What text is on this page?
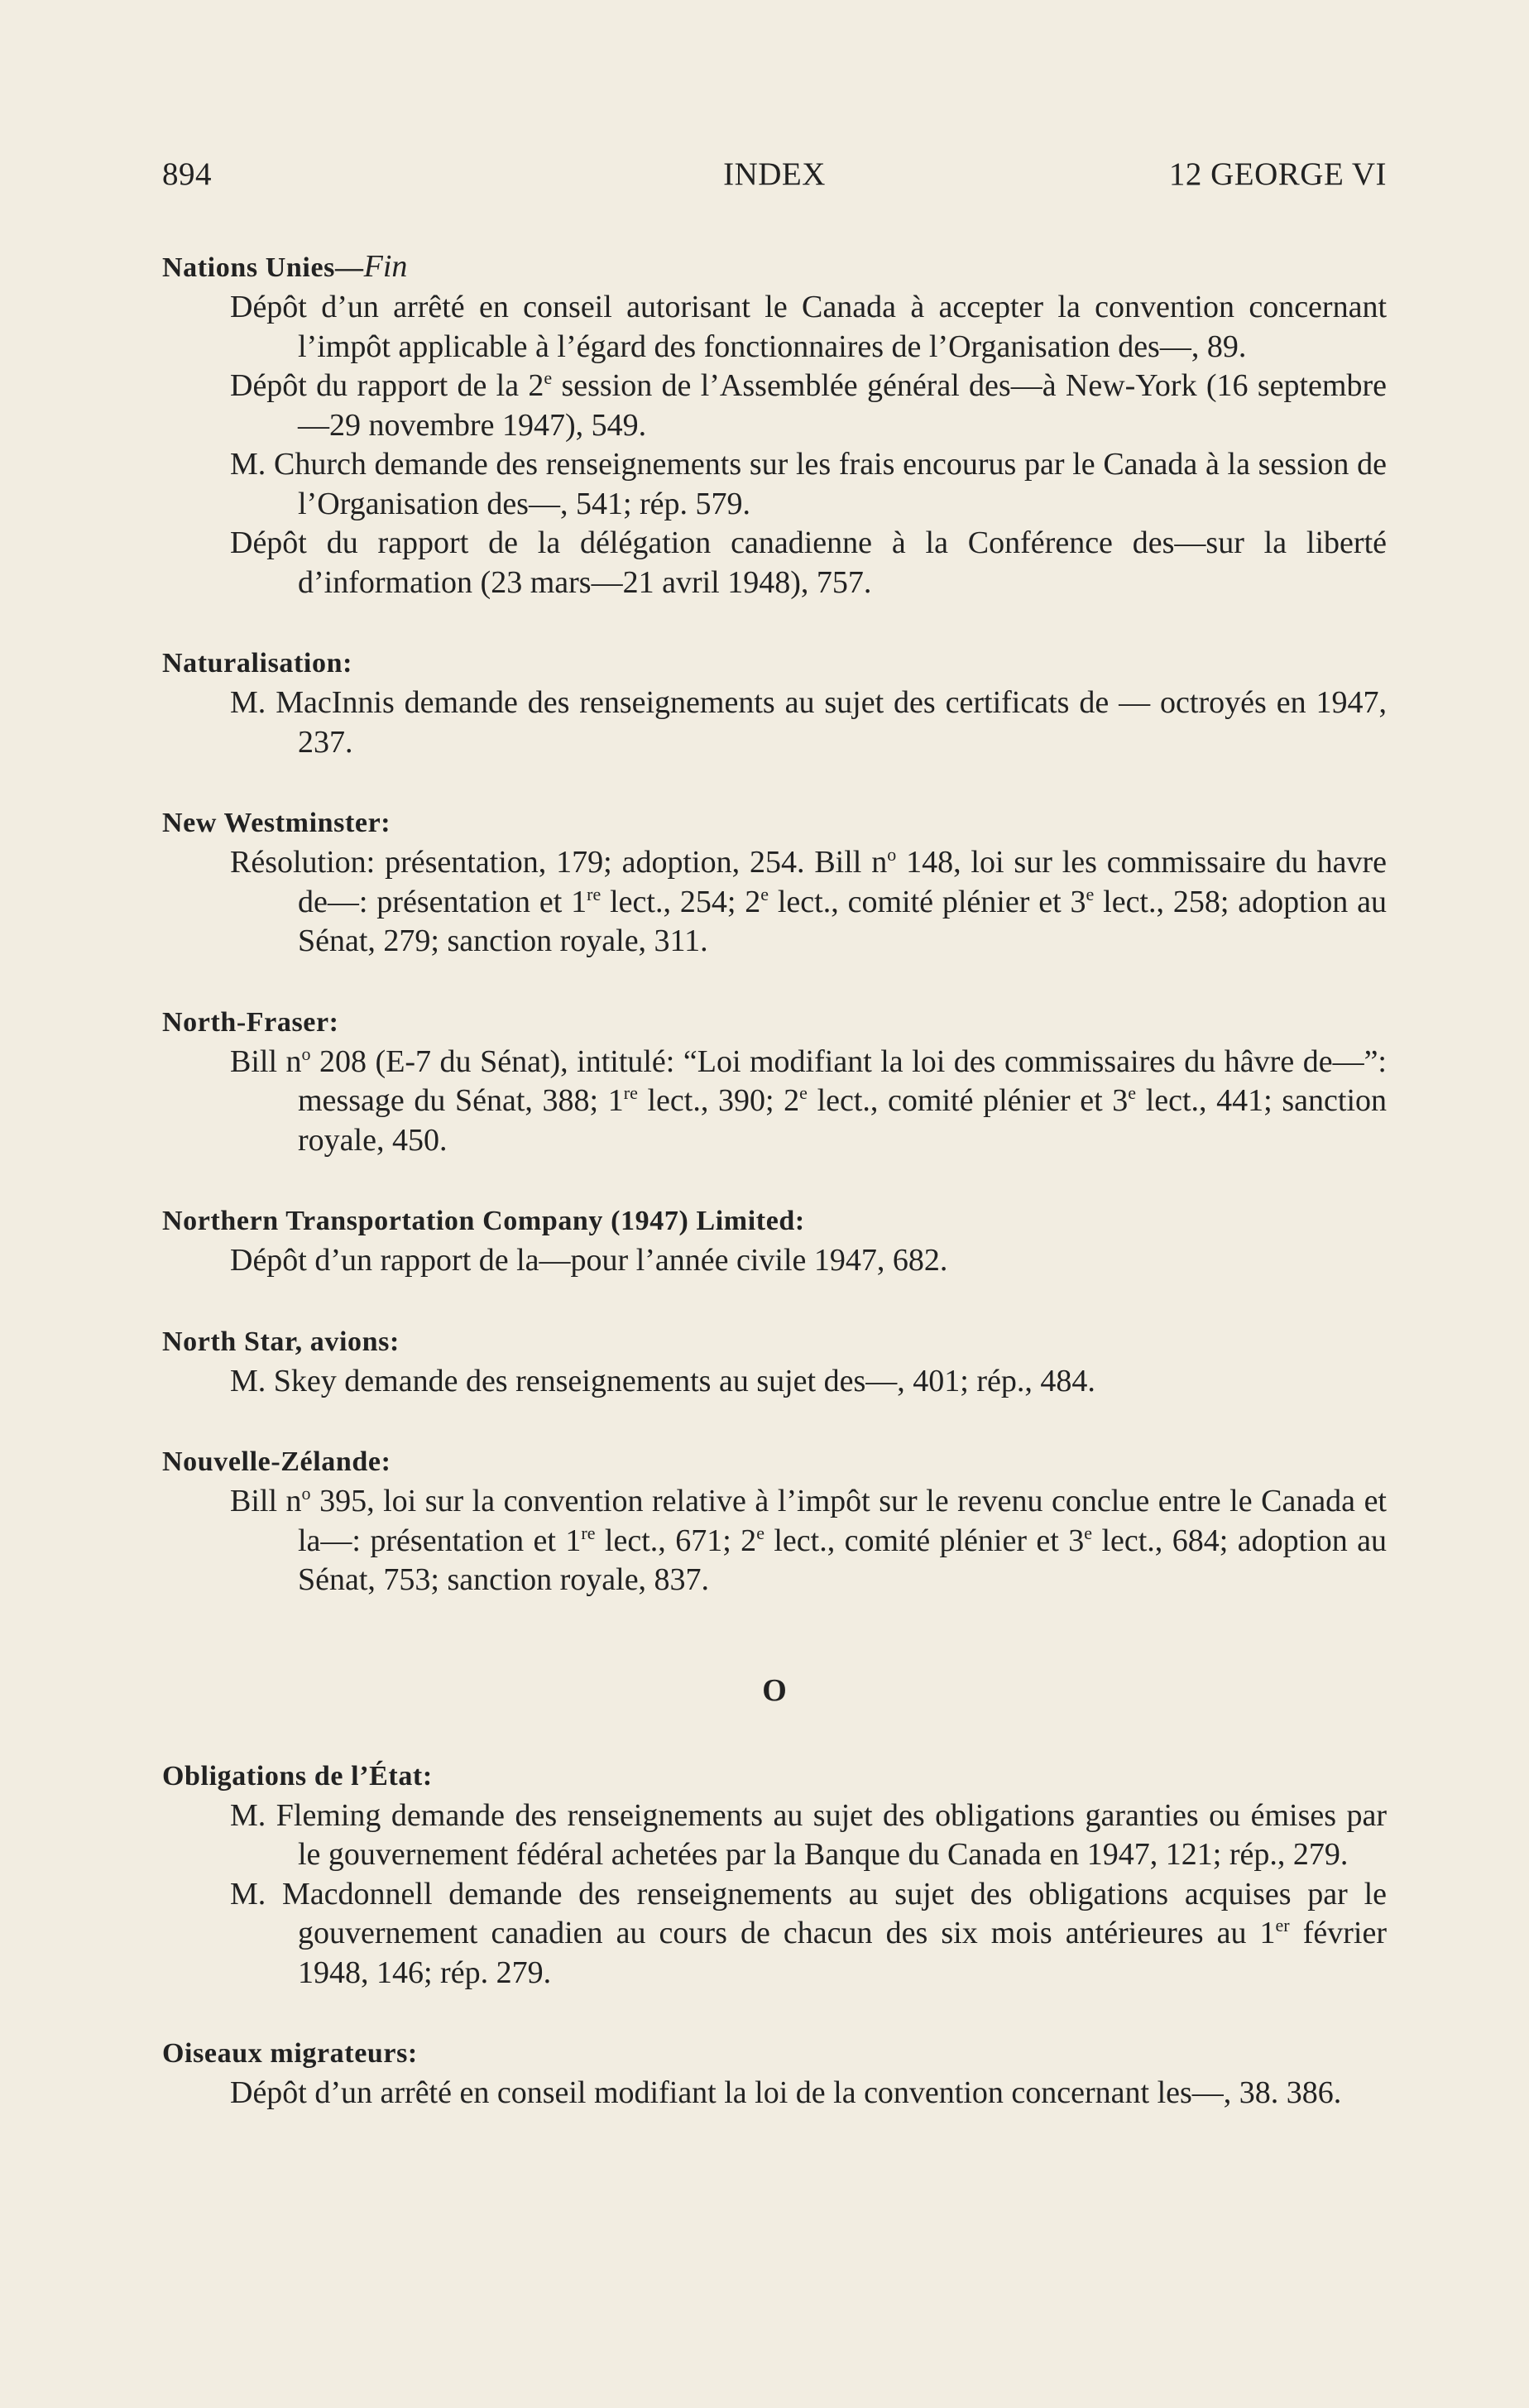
894	INDEX	12 GEORGE VI

Nations Unies—Fin

Dépôt d’un arrêté en conseil autorisant le Canada à accepter la convention concernant l’impôt applicable à l’égard des fonctionnaires de l’Organisation des—, 89.

Dépôt du rapport de la 2e session de l’Assemblée général des—à New-York (16 septembre—29 novembre 1947), 549.

M. Church demande des renseignements sur les frais encourus par le Canada à la session de l’Organisation des—, 541; rép. 579.

Dépôt du rapport de la délégation canadienne à la Conférence des—sur la liberté d’information (23 mars—21 avril 1948), 757.

Naturalisation:

M. MacInnis demande des renseignements au sujet des certificats de — octroyés en 1947, 237.

New Westminster:

Résolution: présentation, 179; adoption, 254. Bill $n^o$ 148, loi sur les commissaire du havre de—: présentation et 1re lect., 254; 2e lect., comité plénier et 3e lect., 258; adoption au Sénat, 279; sanction royale, 311.

North-Fraser:

Bill $n^o$ 208 (E-7 du Sénat), intitulé: “Loi modifiant la loi des commissaires du hâvre de—”: message du Sénat, 388; 1re lect., 390; 2e lect., comité plénier et 3e lect., 441; sanction royale, 450.

Northern Transportation Company (1947) Limited:

Dépôt d’un rapport de la—pour l’année civile 1947, 682.

North Star, avions:

M. Skey demande des renseignements au sujet des—, 401; rép., 484.

Nouvelle-Zélande:

Bill $n^o$ 395, loi sur la convention relative à l’impôt sur le revenu conclue entre le Canada et la—: présentation et 1re lect., 671; 2e lect., comité plénier et 3e lect., 684; adoption au Sénat, 753; sanction royale, 837.

O

Obligations de l’État:

M. Fleming demande des renseignements au sujet des obligations garanties ou émises par le gouvernement fédéral achetées par la Banque du Canada en 1947, 121; rép., 279.

M. Macdonnell demande des renseignements au sujet des obligations acquises par le gouvernement canadien au cours de chacun des six mois antérieures au 1er février 1948, 146; rép. 279.

Oiseaux migrateurs:

Dépôt d’un arrêté en conseil modifiant la loi de la convention concernant les—, 38. 386.
